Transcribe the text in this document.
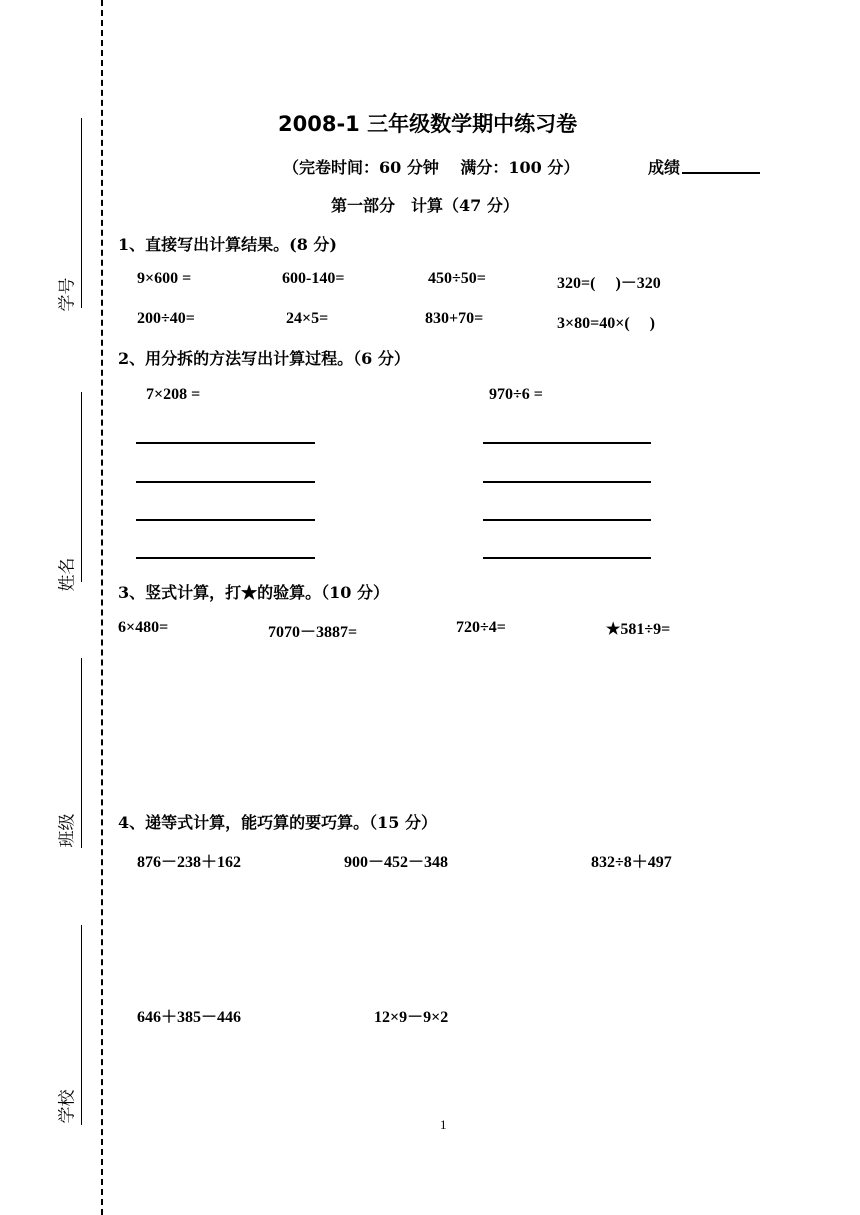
学号
姓名
班级
学校
2008-1 三年级数学期中练习卷
（完卷时间：60 分钟　 满分：100 分）	成绩
第一部分　计算（47 分）
1、直接写出计算结果。(8 分)
9×600 =	600-140=	450÷50=	320=(　 )－320
200÷40=	24×5=	830+70=	3×80=40×(　 )
2、用分拆的方法写出计算过程。（6 分）
7×208 =	970÷6 =
3、竖式计算，打★的验算。（10 分）
6×480=	7070－3887=	720÷4=	★581÷9=
4、递等式计算，能巧算的要巧算。（15 分）
876－238＋162	900－452－348	832÷8＋497
646＋385－446	12×9－9×2
1
